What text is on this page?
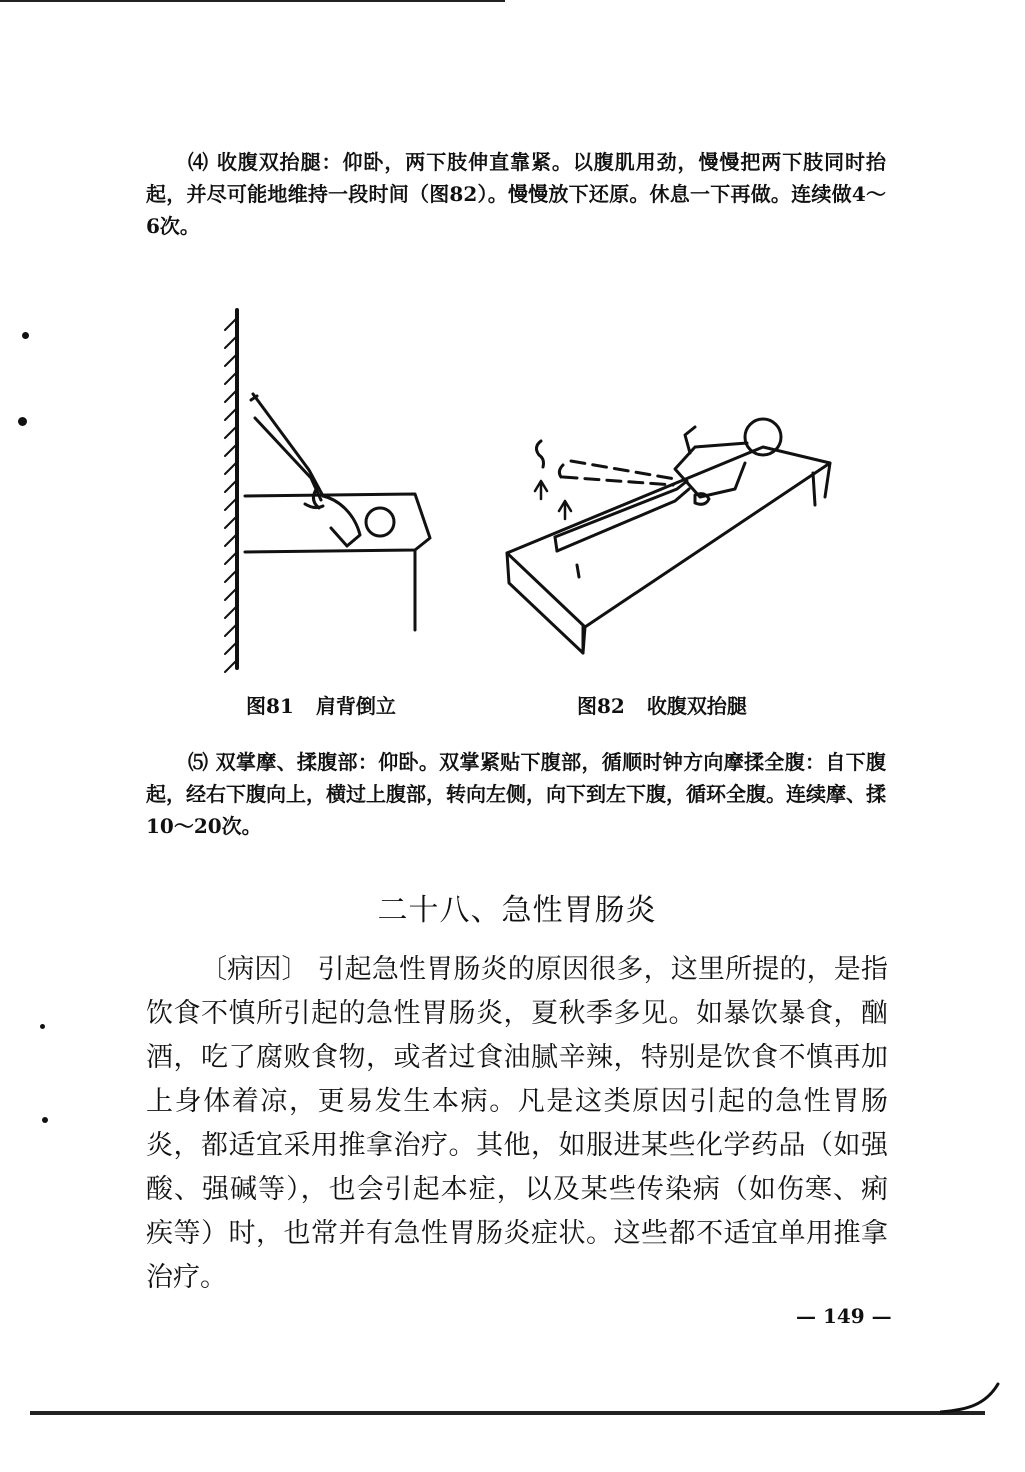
⑷ 收腹双抬腿：仰卧，两下肢伸直靠紧。以腹肌用劲，慢慢把两下肢同时抬起，并尽可能地维持一段时间（图82）。慢慢放下还原。休息一下再做。连续做4～6次。

图81 肩背倒立	图82 收腹双抬腿

⑸ 双掌摩、揉腹部：仰卧。双掌紧贴下腹部，循顺时钟方向摩揉全腹：自下腹起，经右下腹向上，横过上腹部，转向左侧，向下到左下腹，循环全腹。连续摩、揉10～20次。

二十八、急性胃肠炎

〔病因〕 引起急性胃肠炎的原因很多，这里所提的，是指饮食不慎所引起的急性胃肠炎，夏秋季多见。如暴饮暴食，酗酒，吃了腐败食物，或者过食油腻辛辣，特别是饮食不慎再加上身体着凉，更易发生本病。凡是这类原因引起的急性胃肠炎，都适宜采用推拿治疗。其他，如服进某些化学药品（如强酸、强碱等），也会引起本症，以及某些传染病（如伤寒、痢疾等）时，也常并有急性胃肠炎症状。这些都不适宜单用推拿治疗。

— 149 —
